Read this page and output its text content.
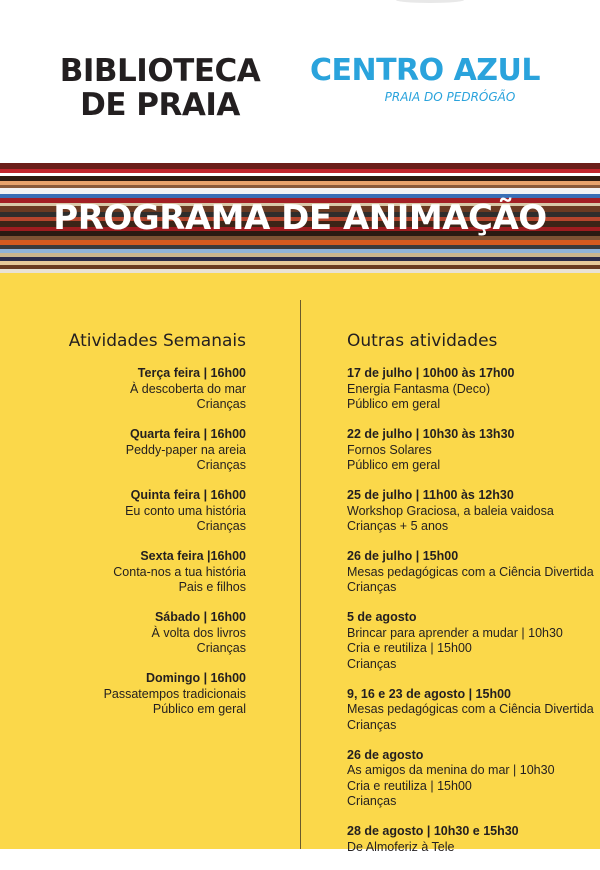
BIBLIOTECA
DE PRAIA
CENTRO AZUL
PRAIA DO PEDRÓGÃO
PROGRAMA DE ANIMAÇÃO
Atividades Semanais
Terça feira | 16h00
À descoberta do mar
Crianças
Quarta feira | 16h00
Peddy-paper na areia
Crianças
Quinta feira | 16h00
Eu conto uma história
Crianças
Sexta feira |16h00
Conta-nos a tua história
Pais e filhos
Sábado | 16h00
À volta dos livros
Crianças
Domingo | 16h00
Passatempos tradicionais
Público em geral
Outras atividades
17 de julho | 10h00 às 17h00
Energia Fantasma (Deco)
Público em geral
22 de julho | 10h30 às 13h30
Fornos Solares
Público em geral
25 de julho | 11h00 às 12h30
Workshop Graciosa, a baleia vaidosa
Crianças + 5 anos
26 de julho | 15h00
Mesas pedagógicas com a Ciência Divertida
Crianças
5 de agosto
Brincar para aprender a mudar | 10h30
Cria e reutiliza | 15h00
Crianças
9, 16 e 23 de agosto | 15h00
Mesas pedagógicas com a Ciência Divertida
Crianças
26 de agosto
As amigos da menina do mar | 10h30
Cria e reutiliza | 15h00
Crianças
28 de agosto | 10h30 e 15h30
De Almoferiz à Tele
